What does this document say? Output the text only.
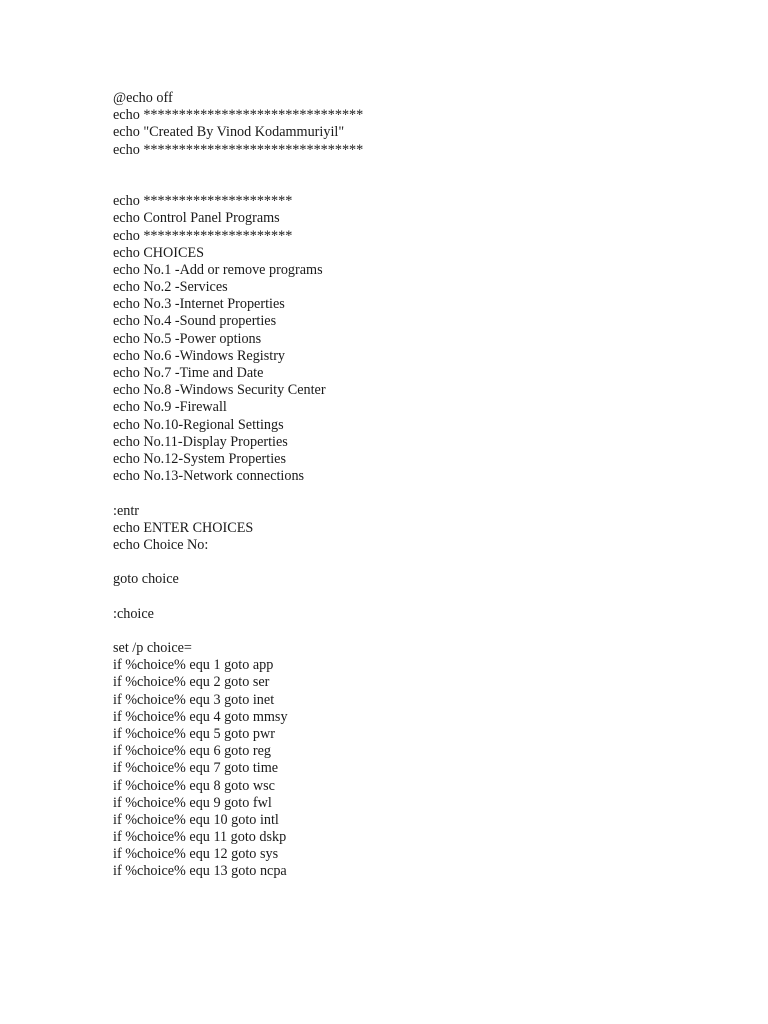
@echo off
echo *******************************
echo "Created By Vinod Kodammuriyil"
echo *******************************
echo *********************
echo Control Panel Programs
echo *********************
echo CHOICES
echo No.1 -Add or remove programs
echo No.2 -Services
echo No.3 -Internet Properties
echo No.4 -Sound properties
echo No.5 -Power options
echo No.6 -Windows Registry
echo No.7 -Time and Date
echo No.8 -Windows Security Center
echo No.9 -Firewall
echo No.10-Regional Settings
echo No.11-Display Properties
echo No.12-System Properties
echo No.13-Network connections
:entr
echo ENTER CHOICES
echo Choice No:
goto choice
:choice
set /p choice=
if %choice% equ 1 goto app
if %choice% equ 2 goto ser
if %choice% equ 3 goto inet
if %choice% equ 4 goto mmsy
if %choice% equ 5 goto pwr
if %choice% equ 6 goto reg
if %choice% equ 7 goto time
if %choice% equ 8 goto wsc
if %choice% equ 9 goto fwl
if %choice% equ 10 goto intl
if %choice% equ 11 goto dskp
if %choice% equ 12 goto sys
if %choice% equ 13 goto ncpa
